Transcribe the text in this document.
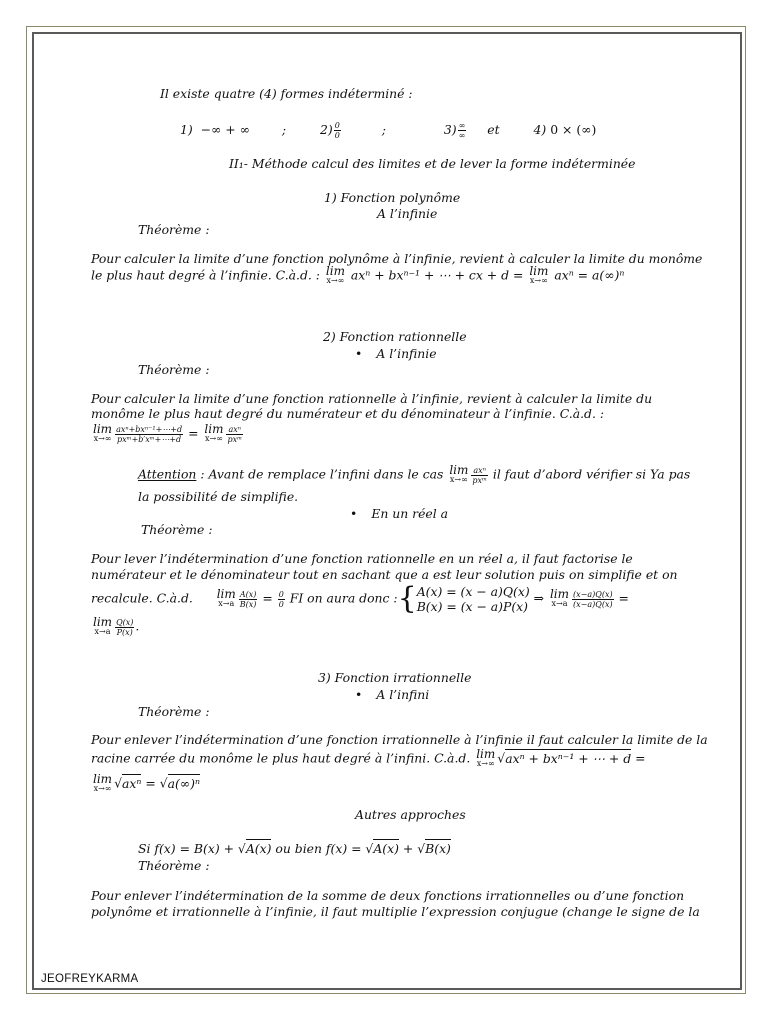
Il existe quatre (4) formes indéterminé :
1) −∞ + ∞	;	$2) \frac{0}{0}$	;	$3) \frac{\infty}{\infty}$ et	4) 0 × (∞)
II₁- Méthode calcul des limites et de lever la forme indéterminée
1) Fonction polynôme
A l’infinie
Théorème :
Pour calculer la limite d’une fonction polynôme à l’infinie, revient à calculer la limite du monôme
le plus haut degré à l’infinie. C.à.d. : lim
x→∞ axⁿ + bxⁿ⁻¹ + ⋯ + cx + d = lim
x→∞ axⁿ = a(∞)ⁿ
2) Fonction rationnelle
• A l’infinie
Théorème :
Pour calculer la limite d’une fonction rationnelle à l’infinie, revient à calculer la limite du
monôme le plus haut degré du numérateur et du dénominateur à l’infinie. C.à.d. :
lim
$x\to\infty \frac{\text{axⁿ+bxⁿ⁻¹+⋯+d}}{\text{pxᵐ+b′xᵐ+⋯+d}} = \lim$
$x\to\infty \frac{\text{axⁿ}}{\text{pxᵐ}}$
Attention : Avant de remplace l’infini dans le cas lim
$x\to\infty \frac{\text{axⁿ}}{\text{pxᵐ}}$ il faut d’abord vérifier si Ya pas
la possibilité de simplifie.
• En un réel a
Théorème :
Pour lever l’indétermination d’une fonction rationnelle en un réel a, il faut factorise le
numérateur et le dénominateur tout en sachant que a est leur solution puis on simplifie et on
recalcule. C.à.d. lim
$x\to a \frac{A(x)}{B(x)} = \frac{0}{0}$ FI on aura donc :{ A(x) = (x − a)Q(x)
B(x) = (x − a)P(x)
⇒ lim
$x\to a \frac{(x-a)Q(x)}{(x-a)Q(x)}$ =
lim
$x\to a \frac{Q(x)}{P(x)}$ .
3) Fonction irrationnelle
• A l’infini
Théorème :
Pour enlever l’indétermination d’une fonction irrationnelle à l’infinie il faut calculer la limite de la
racine carrée du monôme le plus haut degré à l’infini. C.à.d. lim
x→∞ √axⁿ + bxⁿ⁻¹ + ⋯ + d =
lim
x→∞ √axⁿ = √a(∞)ⁿ
Autres approches
Si f(x) = B(x) + √A(x) ou bien f(x) = √A(x) + √B(x)
Théorème :
Pour enlever l’indétermination de la somme de deux fonctions irrationnelles ou d’une fonction
polynôme et irrationnelle à l’infinie, il faut multiplie l’expression conjugue (change le signe de la
JEOFREYKARMA
